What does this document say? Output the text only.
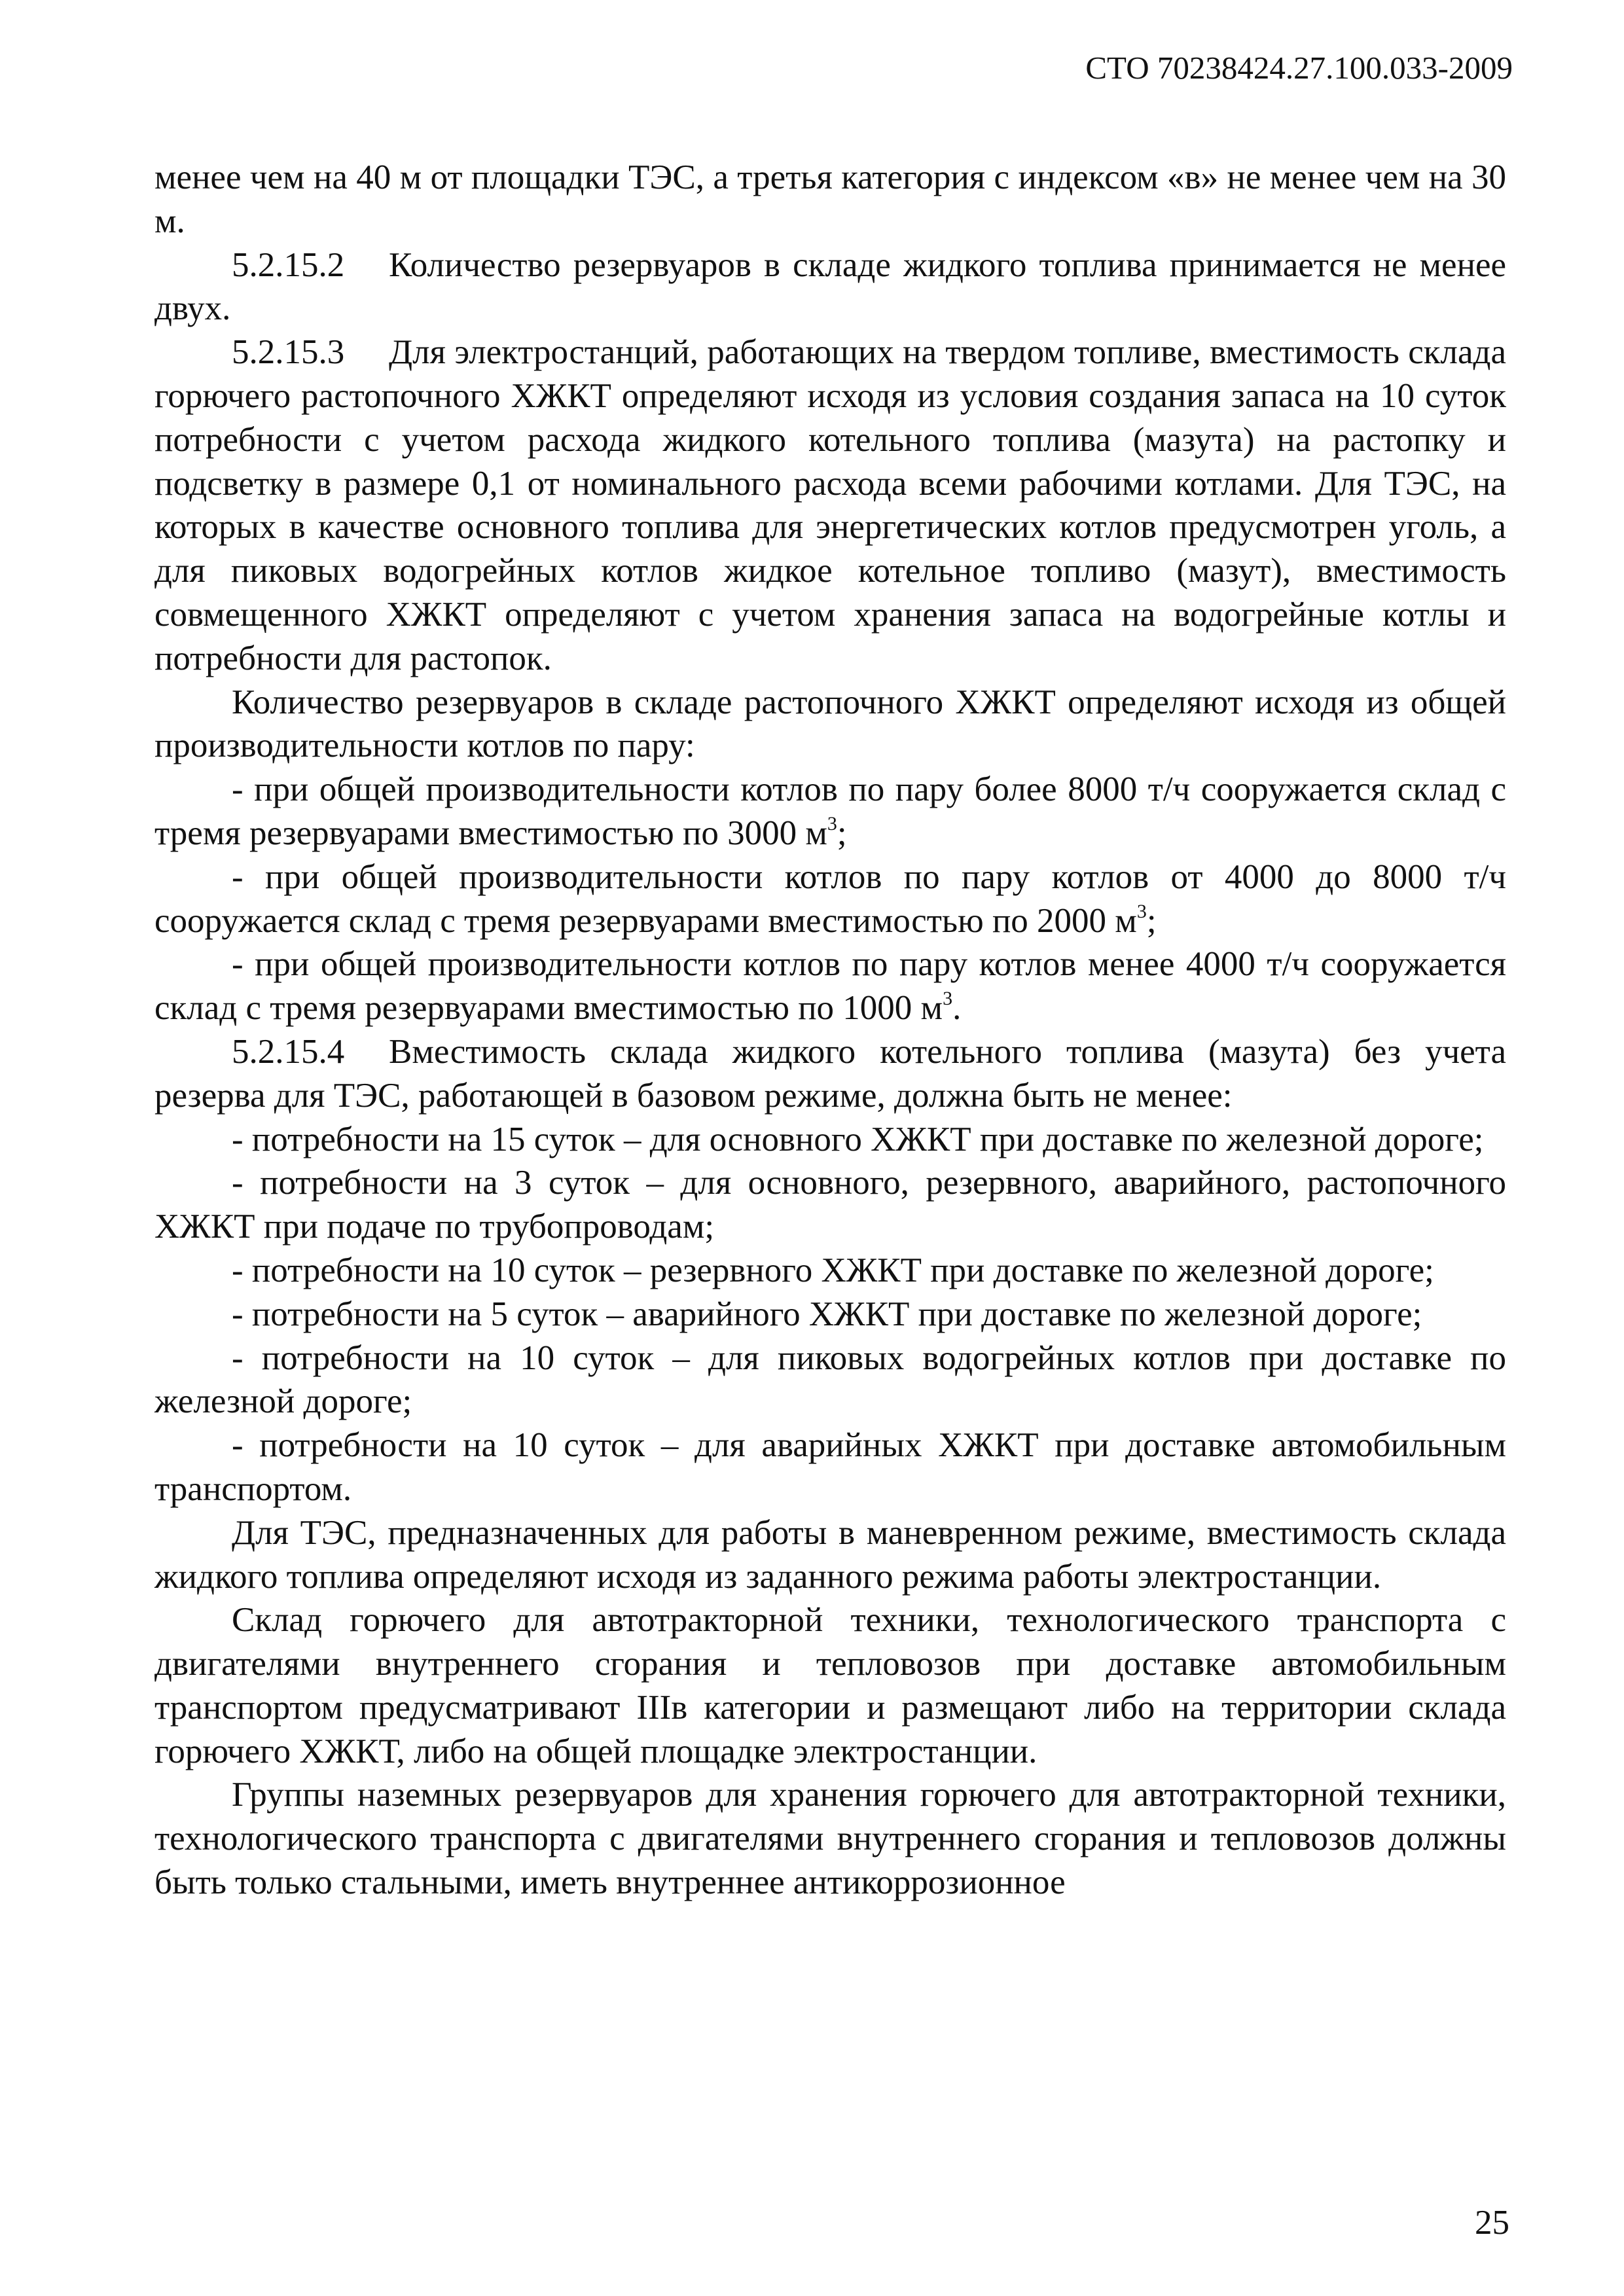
СТО 70238424.27.100.033-2009

менее чем на 40 м от площадки ТЭС, а третья категория с индексом «в» не менее чем на 30 м.

5.2.15.2 Количество резервуаров в складе жидкого топлива принимается не менее двух.

5.2.15.3 Для электростанций, работающих на твердом топливе, вместимость склада горючего растопочного ХЖКТ определяют исходя из условия создания запаса на 10 суток потребности с учетом расхода жидкого котельного топлива (мазута) на растопку и подсветку в размере 0,1 от номинального расхода всеми рабочими котлами. Для ТЭС, на которых в качестве основного топлива для энергетических котлов предусмотрен уголь, а для пиковых водогрейных котлов жидкое котельное топливо (мазут), вместимость совмещенного ХЖКТ определяют с учетом хранения запаса на водогрейные котлы и потребности для растопок.

Количество резервуаров в складе растопочного ХЖКТ определяют исходя из общей производительности котлов по пару:

- при общей производительности котлов по пару более 8000 т/ч сооружается склад с тремя резервуарами вместимостью по 3000 $м^3$;

- при общей производительности котлов по пару котлов от 4000 до 8000 т/ч сооружается склад с тремя резервуарами вместимостью по 2000 $м^3$;

- при общей производительности котлов по пару котлов менее 4000 т/ч сооружается склад с тремя резервуарами вместимостью по 1000 $м^3$.

5.2.15.4 Вместимость склада жидкого котельного топлива (мазута) без учета резерва для ТЭС, работающей в базовом режиме, должна быть не менее:

- потребности на 15 суток – для основного ХЖКТ при доставке по железной дороге;

- потребности на 3 суток – для основного, резервного, аварийного, растопочного ХЖКТ при подаче по трубопроводам;

- потребности на 10 суток – резервного ХЖКТ при доставке по железной дороге;

- потребности на 5 суток – аварийного ХЖКТ при доставке по железной дороге;

- потребности на 10 суток – для пиковых водогрейных котлов при доставке по железной дороге;

- потребности на 10 суток – для аварийных ХЖКТ при доставке автомобильным транспортом.

Для ТЭС, предназначенных для работы в маневренном режиме, вместимость склада жидкого топлива определяют исходя из заданного режима работы электростанции.

Склад горючего для автотракторной техники, технологического транспорта с двигателями внутреннего сгорания и тепловозов при доставке автомобильным транспортом предусматривают IIIв категории и размещают либо на территории склада горючего ХЖКТ, либо на общей площадке электростанции.

Группы наземных резервуаров для хранения горючего для автотракторной техники, технологического транспорта с двигателями внутреннего сгорания и тепловозов должны быть только стальными, иметь внутреннее антикоррозионное

25
